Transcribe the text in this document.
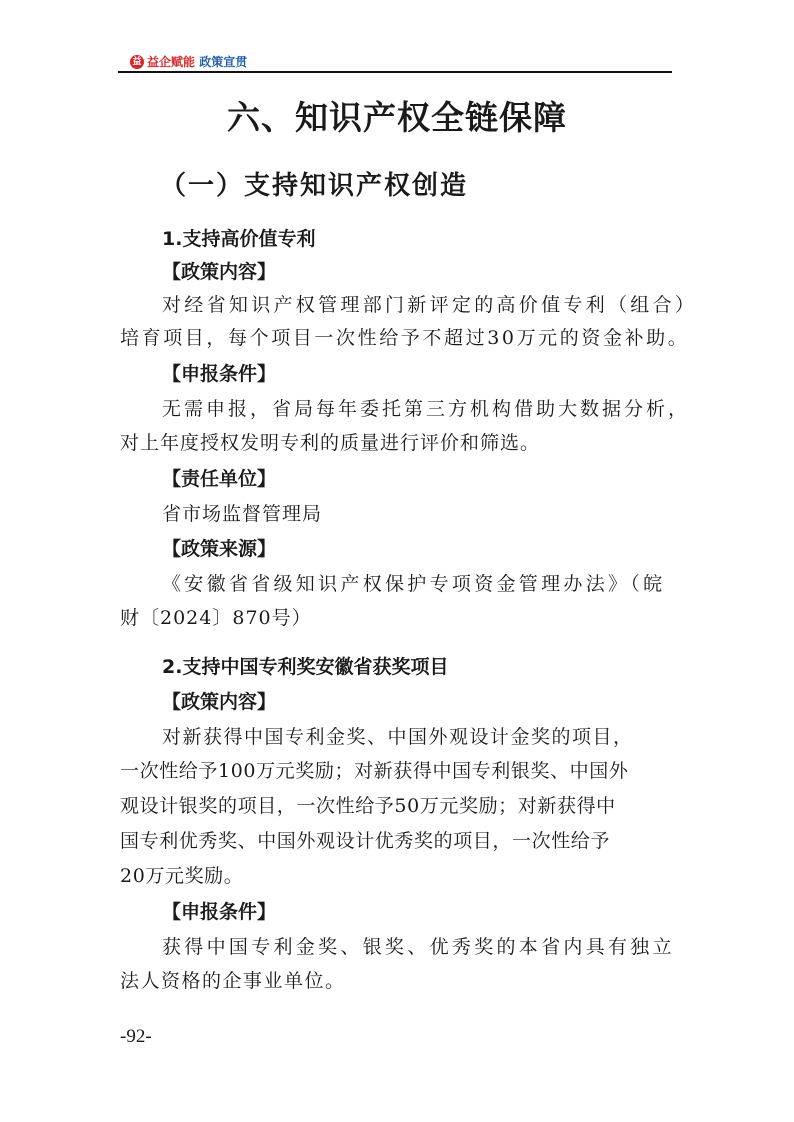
益 益企赋能 政策宣贯
六、知识产权全链保障
（一）支持知识产权创造
1.支持高价值专利
【政策内容】
对经省知识产权管理部门新评定的高价值专利（组合）
培育项目，每个项目一次性给予不超过30万元的资金补助。
【申报条件】
无需申报，省局每年委托第三方机构借助大数据分析，
对上年度授权发明专利的质量进行评价和筛选。
【责任单位】
省市场监督管理局
【政策来源】
《安徽省省级知识产权保护专项资金管理办法》（皖
财〔2024〕870号）
2.支持中国专利奖安徽省获奖项目
【政策内容】
对新获得中国专利金奖、中国外观设计金奖的项目，
一次性给予100万元奖励；对新获得中国专利银奖、中国外
观设计银奖的项目，一次性给予50万元奖励；对新获得中
国专利优秀奖、中国外观设计优秀奖的项目，一次性给予
20万元奖励。
【申报条件】
获得中国专利金奖、银奖、优秀奖的本省内具有独立
法人资格的企事业单位。
-92-
